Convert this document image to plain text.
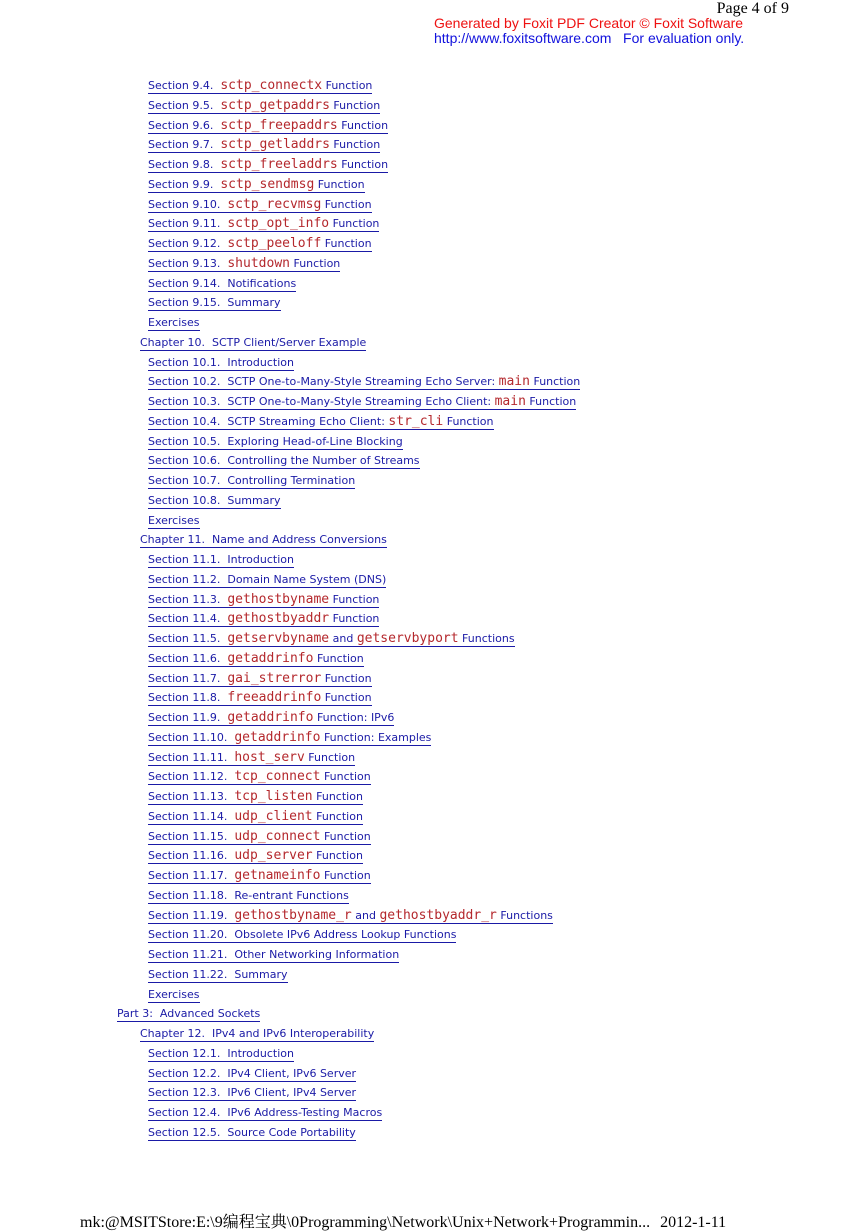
Page 4 of 9
Generated by Foxit PDF Creator © Foxit Software
http://www.foxitsoftware.com   For evaluation only.
Section 9.4.  sctp_connectx Function
Section 9.5.  sctp_getpaddrs Function
Section 9.6.  sctp_freepaddrs Function
Section 9.7.  sctp_getladdrs Function
Section 9.8.  sctp_freeladdrs Function
Section 9.9.  sctp_sendmsg Function
Section 9.10.  sctp_recvmsg Function
Section 9.11.  sctp_opt_info Function
Section 9.12.  sctp_peeloff Function
Section 9.13.  shutdown Function
Section 9.14.  Notifications
Section 9.15.  Summary
Exercises
Chapter 10.  SCTP Client/Server Example
Section 10.1.  Introduction
Section 10.2.  SCTP One-to-Many-Style Streaming Echo Server: main Function
Section 10.3.  SCTP One-to-Many-Style Streaming Echo Client: main Function
Section 10.4.  SCTP Streaming Echo Client: str_cli Function
Section 10.5.  Exploring Head-of-Line Blocking
Section 10.6.  Controlling the Number of Streams
Section 10.7.  Controlling Termination
Section 10.8.  Summary
Exercises
Chapter 11.  Name and Address Conversions
Section 11.1.  Introduction
Section 11.2.  Domain Name System (DNS)
Section 11.3.  gethostbyname Function
Section 11.4.  gethostbyaddr Function
Section 11.5.  getservbyname and getservbyport Functions
Section 11.6.  getaddrinfo Function
Section 11.7.  gai_strerror Function
Section 11.8.  freeaddrinfo Function
Section 11.9.  getaddrinfo Function: IPv6
Section 11.10.  getaddrinfo Function: Examples
Section 11.11.  host_serv Function
Section 11.12.  tcp_connect Function
Section 11.13.  tcp_listen Function
Section 11.14.  udp_client Function
Section 11.15.  udp_connect Function
Section 11.16.  udp_server Function
Section 11.17.  getnameinfo Function
Section 11.18.  Re-entrant Functions
Section 11.19.  gethostbyname_r and gethostbyaddr_r Functions
Section 11.20.  Obsolete IPv6 Address Lookup Functions
Section 11.21.  Other Networking Information
Section 11.22.  Summary
Exercises
Part 3:  Advanced Sockets
Chapter 12.  IPv4 and IPv6 Interoperability
Section 12.1.  Introduction
Section 12.2.  IPv4 Client, IPv6 Server
Section 12.3.  IPv6 Client, IPv4 Server
Section 12.4.  IPv6 Address-Testing Macros
Section 12.5.  Source Code Portability
mk:@MSITStore:E:\9编程宝典\0Programming\Network\Unix+Network+Programmin... 2012-1-11
